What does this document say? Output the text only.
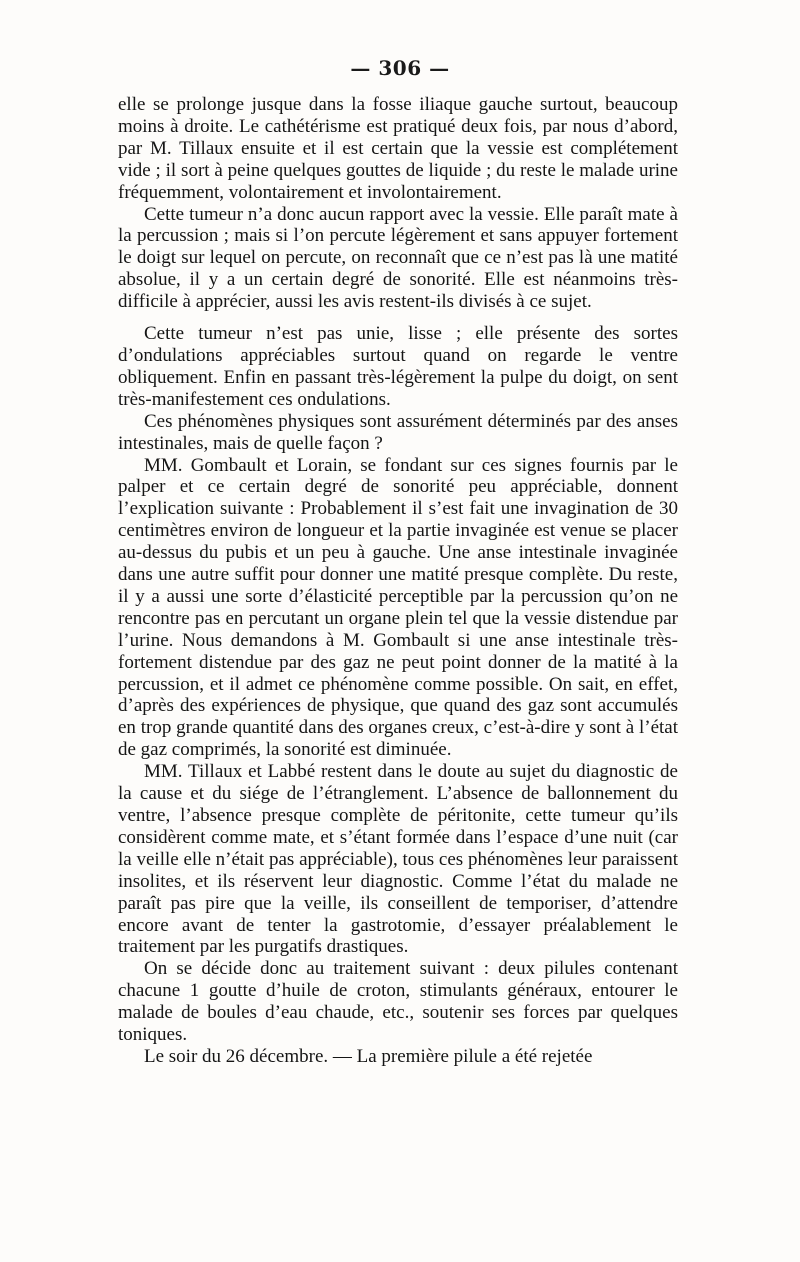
— 306 —

elle se prolonge jusque dans la fosse iliaque gauche surtout, beaucoup moins à droite. Le cathétérisme est pratiqué deux fois, par nous d’abord, par M. Tillaux ensuite et il est certain que la vessie est complétement vide ; il sort à peine quelques gouttes de liquide ; du reste le malade urine fréquemment, volontairement et involontairement.

Cette tumeur n’a donc aucun rapport avec la vessie. Elle paraît mate à la percussion ; mais si l’on percute légèrement et sans appuyer fortement le doigt sur lequel on percute, on reconnaît que ce n’est pas là une matité absolue, il y a un certain degré de sonorité. Elle est néanmoins très-difficile à apprécier, aussi les avis restent-ils divisés à ce sujet.

Cette tumeur n’est pas unie, lisse ; elle présente des sortes d’ondulations appréciables surtout quand on regarde le ventre obliquement. Enfin en passant très-légèrement la pulpe du doigt, on sent très-manifestement ces ondulations.

Ces phénomènes physiques sont assurément déterminés par des anses intestinales, mais de quelle façon ?

MM. Gombault et Lorain, se fondant sur ces signes fournis par le palper et ce certain degré de sonorité peu appréciable, donnent l’explication suivante : Probablement il s’est fait une invagination de 30 centimètres environ de longueur et la partie invaginée est venue se placer au-dessus du pubis et un peu à gauche. Une anse intestinale invaginée dans une autre suffit pour donner une matité presque complète. Du reste, il y a aussi une sorte d’élasticité perceptible par la percussion qu’on ne rencontre pas en percutant un organe plein tel que la vessie distendue par l’urine. Nous demandons à M. Gombault si une anse intestinale très-fortement distendue par des gaz ne peut point donner de la matité à la percussion, et il admet ce phénomène comme possible. On sait, en effet, d’après des expériences de physique, que quand des gaz sont accumulés en trop grande quantité dans des organes creux, c’est-à-dire y sont à l’état de gaz comprimés, la sonorité est diminuée.

MM. Tillaux et Labbé restent dans le doute au sujet du diagnostic de la cause et du siége de l’étranglement. L’absence de ballonnement du ventre, l’absence presque complète de péritonite, cette tumeur qu’ils considèrent comme mate, et s’étant formée dans l’espace d’une nuit (car la veille elle n’était pas appréciable), tous ces phénomènes leur paraissent insolites, et ils réservent leur diagnostic. Comme l’état du malade ne paraît pas pire que la veille, ils conseillent de temporiser, d’attendre encore avant de tenter la gastrotomie, d’essayer préalablement le traitement par les purgatifs drastiques.

On se décide donc au traitement suivant : deux pilules contenant chacune 1 goutte d’huile de croton, stimulants généraux, entourer le malade de boules d’eau chaude, etc., soutenir ses forces par quelques toniques.

Le soir du 26 décembre. — La première pilule a été rejetée
